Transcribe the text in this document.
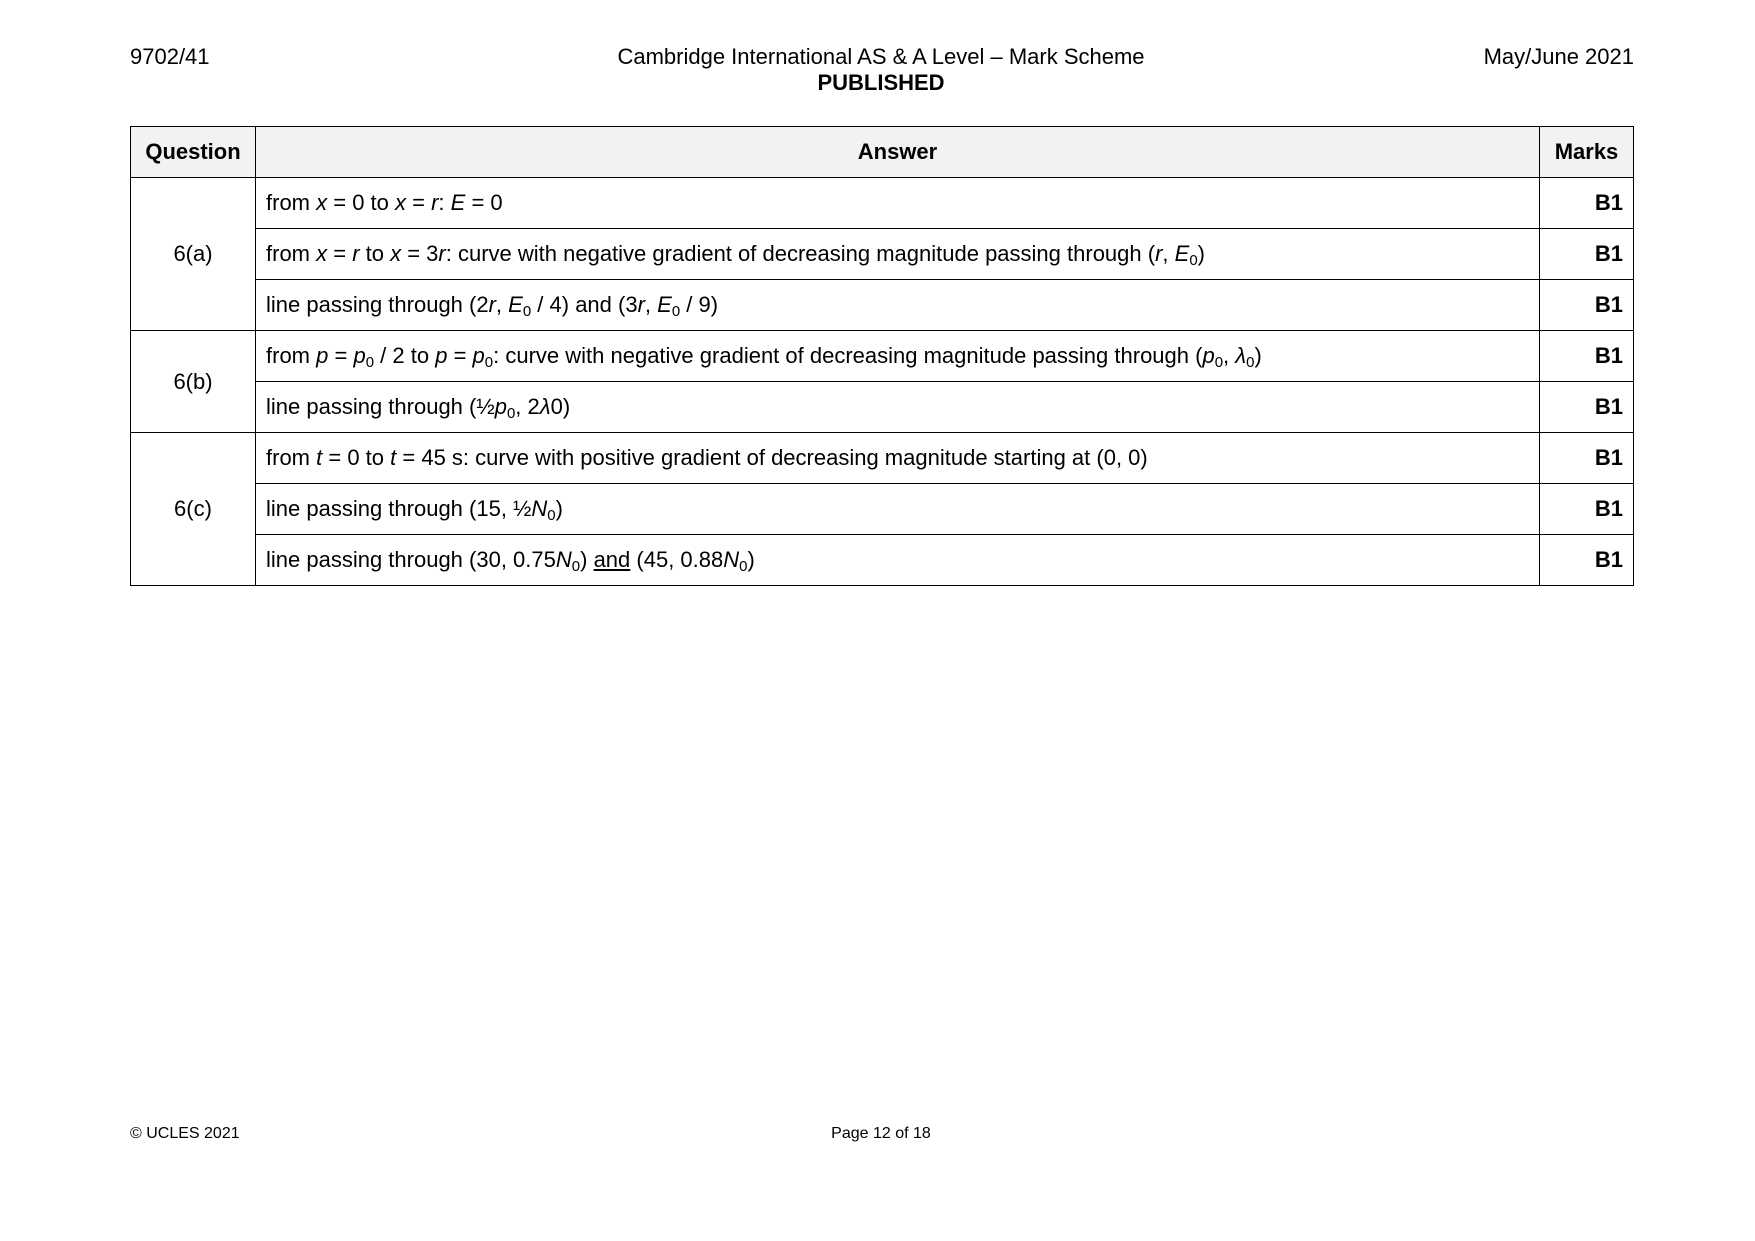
9702/41	Cambridge International AS & A Level – Mark Scheme
PUBLISHED
May/June 2021
Question	Answer	Marks
6(a)	from x = 0 to x = r: E = 0	B1
	from x = r to x = 3r: curve with negative gradient of decreasing magnitude passing through (r, $E_0$)	B1
	line passing through (2r, $E_0 / 4$) and (3r, $E_0 / 9$)	B1
6(b)	from $p = p_0 / 2$ to $p = p_0$: curve with negative gradient of decreasing magnitude passing through ($p_0$, $\lambda_0$)	B1
	line passing through ($\frac{1}{2}p_0$, 2λ0)	B1
6(c)	from t = 0 to t = 45 s: curve with positive gradient of decreasing magnitude starting at (0, 0)	B1
	line passing through (15, $\frac{1}{2}N_0$)	B1
	line passing through (30, $0.75N_0$) and (45, $0.88N_0$)	B1
© UCLES 2021	Page 12 of 18
